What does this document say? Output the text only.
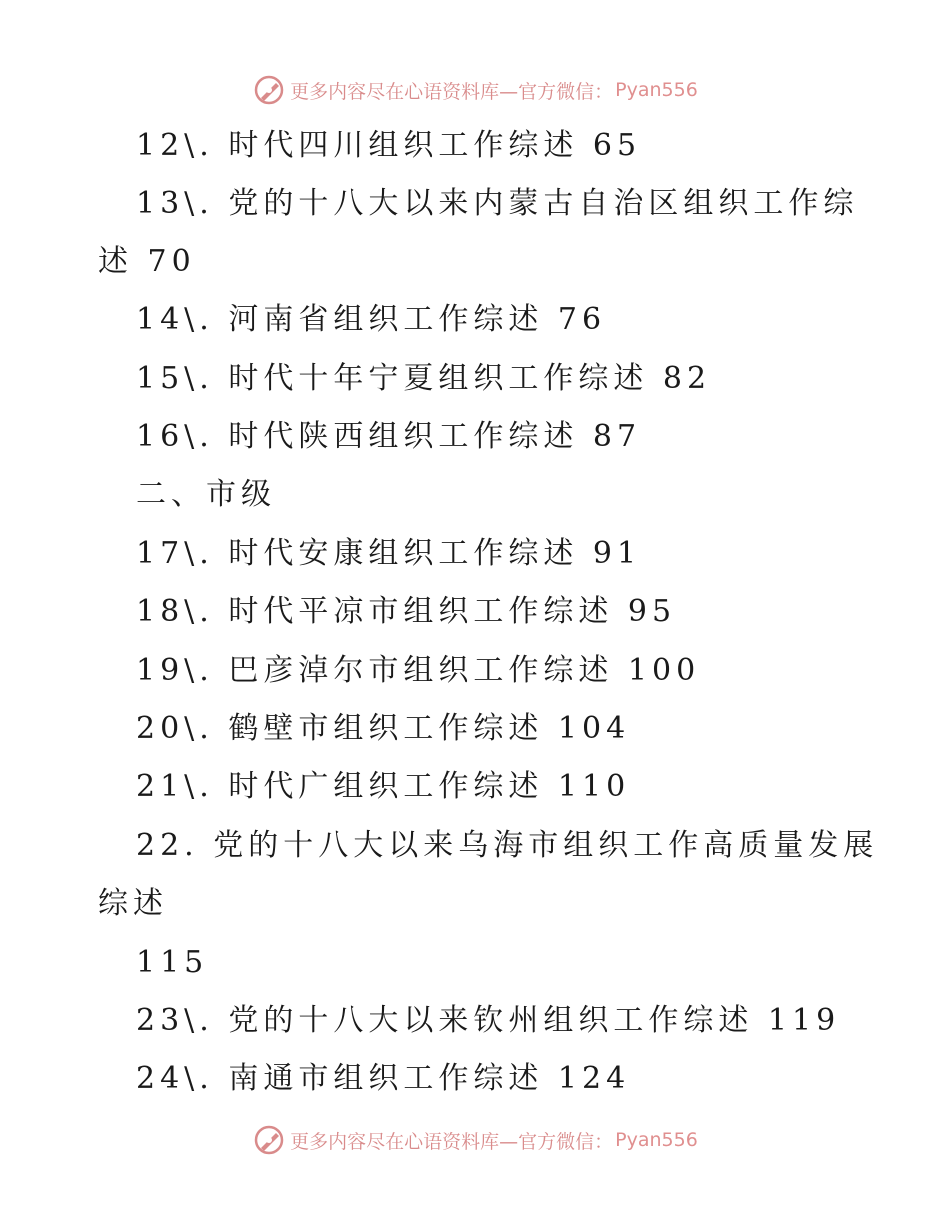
更多内容尽在心语资料库—官方微信： Pyan556
12\. 时代四川组织工作综述 65
13\. 党的十八大以来内蒙古自治区组织工作综
述 70
14\. 河南省组织工作综述 76
15\. 时代十年宁夏组织工作综述 82
16\. 时代陕西组织工作综述 87
二、市级
17\. 时代安康组织工作综述 91
18\. 时代平凉市组织工作综述 95
19\. 巴彦淖尔市组织工作综述 100
20\. 鹤壁市组织工作综述 104
21\. 时代广组织工作综述 110
22. 党的十八大以来乌海市组织工作高质量发展
综述
115
23\. 党的十八大以来钦州组织工作综述 119
24\. 南通市组织工作综述 124
更多内容尽在心语资料库—官方微信： Pyan556
